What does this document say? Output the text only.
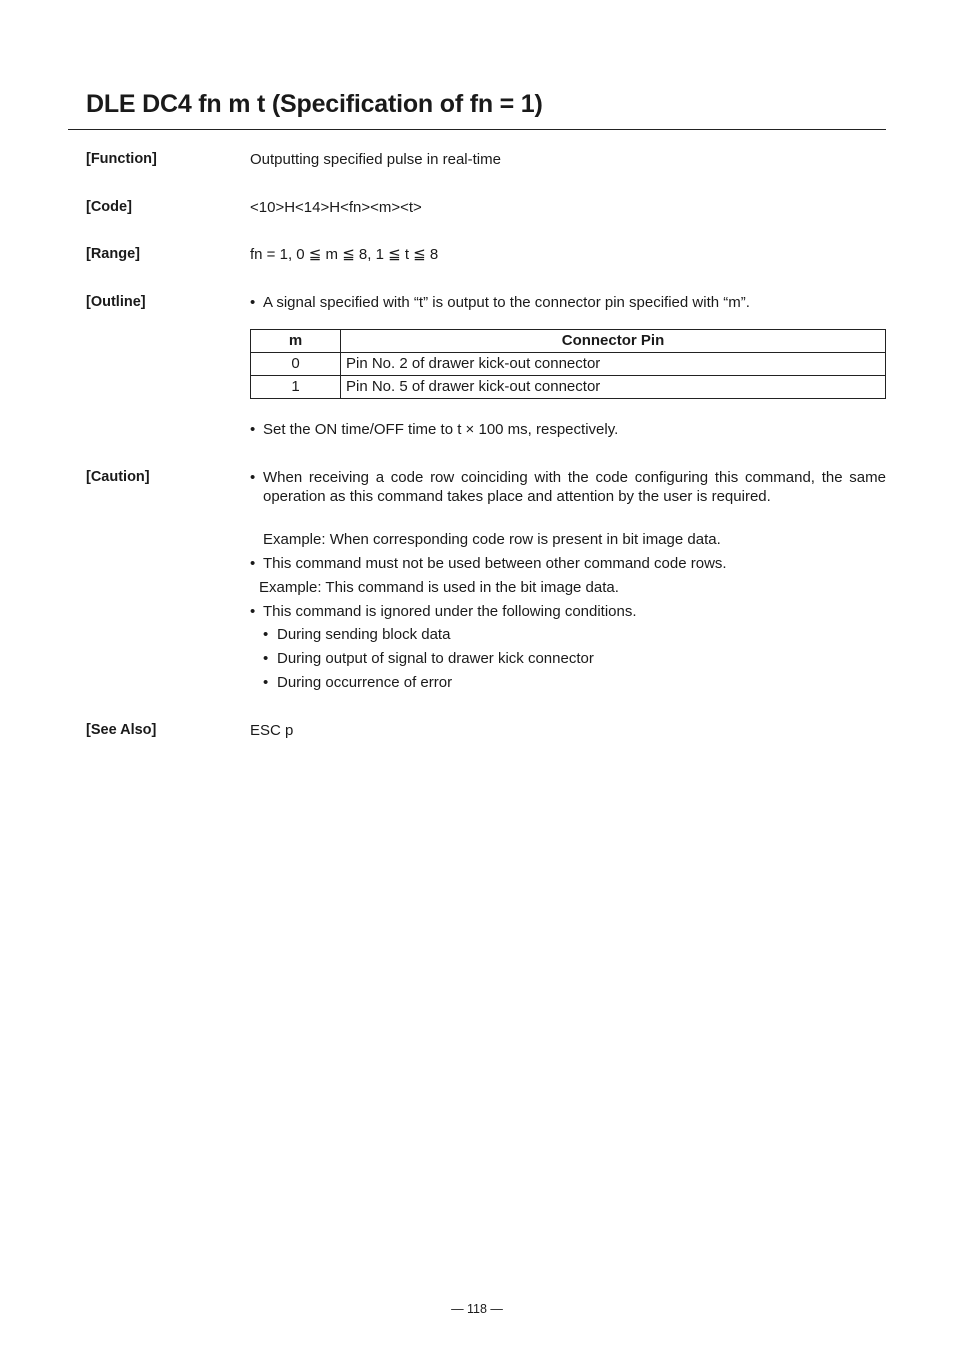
DLE DC4 fn m t (Specification of fn = 1)
[Function]	Outputting specified pulse in real-time
[Code]	<10>H<14>H<fn><m><t>
[Range]	fn = 1, 0 ≦ m ≦ 8, 1 ≦ t ≦ 8
[Outline]	• A signal specified with “t” is output to the connector pin specified with “m”.
m	Connector Pin
0	Pin No. 2 of drawer kick-out connector
1	Pin No. 5 of drawer kick-out connector
• Set the ON time/OFF time to t × 100 ms, respectively.
[Caution]	• When receiving a code row coinciding with the code configuring this command, the same operation as this command takes place and attention by the user is required.
Example: When corresponding code row is present in bit image data.
• This command must not be used between other command code rows.
Example: This command is used in the bit image data.
• This command is ignored under the following conditions.
• During sending block data
• During output of signal to drawer kick connector
• During occurrence of error
[See Also]	ESC p
— 118 —
